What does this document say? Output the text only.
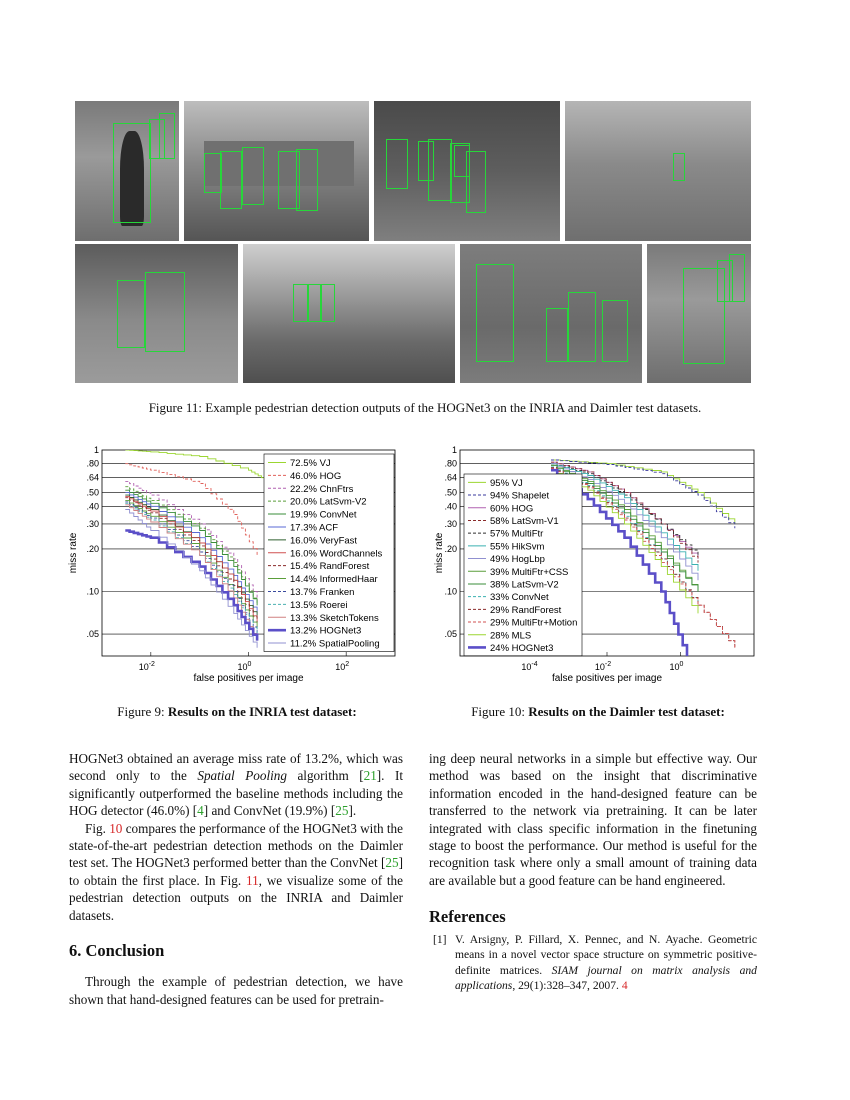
Figure 11: Example pedestrian detection outputs of the HOGNet3 on the INRIA and Daimler test datasets.
1
.80
.64
.50
.40
.30
.20
.10
.05
$10^{-2}$	$10^0$	$10^2$
false positives per image
miss rate
72.5% VJ
46.0% HOG
22.2% ChnFtrs
20.0% LatSvm-V2
19.9% ConvNet
17.3% ACF
16.0% VeryFast
16.0% WordChannels
15.4% RandForest
14.4% InformedHaar
13.7% Franken
13.5% Roerei
13.3% SketchTokens
13.2% HOGNet3
11.2% SpatialPooling
1
.80
.64
.50
.40
.30
.20
.10
.05
$10^{-4}$	$10^{-2}$	$10^0$
false positives per image
miss rate
95% VJ
94% Shapelet
60% HOG
58% LatSvm-V1
57% MultiFtr
55% HikSvm
49% HogLbp
39% MultiFtr+CSS
38% LatSvm-V2
33% ConvNet
29% RandForest
29% MultiFtr+Motion
28% MLS
24% HOGNet3
Figure 9: Results on the INRIA test dataset:	Figure 10: Results on the Daimler test dataset:

HOGNet3 obtained an average miss rate of 13.2%, which was second only to the Spatial Pooling algorithm [21]. It significantly outperformed the baseline methods including the HOG detector (46.0%) [4] and ConvNet (19.9%) [25].

Fig. 10 compares the performance of the HOGNet3 with the state-of-the-art pedestrian detection methods on the Daimler test set. The HOGNet3 performed better than the ConvNet [25] to obtain the first place. In Fig. 11, we visualize some of the pedestrian detection outputs on the INRIA and Daimler datasets.

6. Conclusion

Through the example of pedestrian detection, we have shown that hand-designed features can be used for pretrain-

ing deep neural networks in a simple but effective way. Our method was based on the insight that discriminative information encoded in the hand-designed feature can be transferred to the network via pretraining. It can be later integrated with class specific information in the finetuning stage to boost the performance. Our method is useful for the recognition task where only a small amount of training data are available but a good feature can be hand engineered.

References
[1] V. Arsigny, P. Fillard, X. Pennec, and N. Ayache. Geometric means in a novel vector space structure on symmetric positive-definite matrices. SIAM journal on matrix analysis and applications, 29(1):328–347, 2007. 4
